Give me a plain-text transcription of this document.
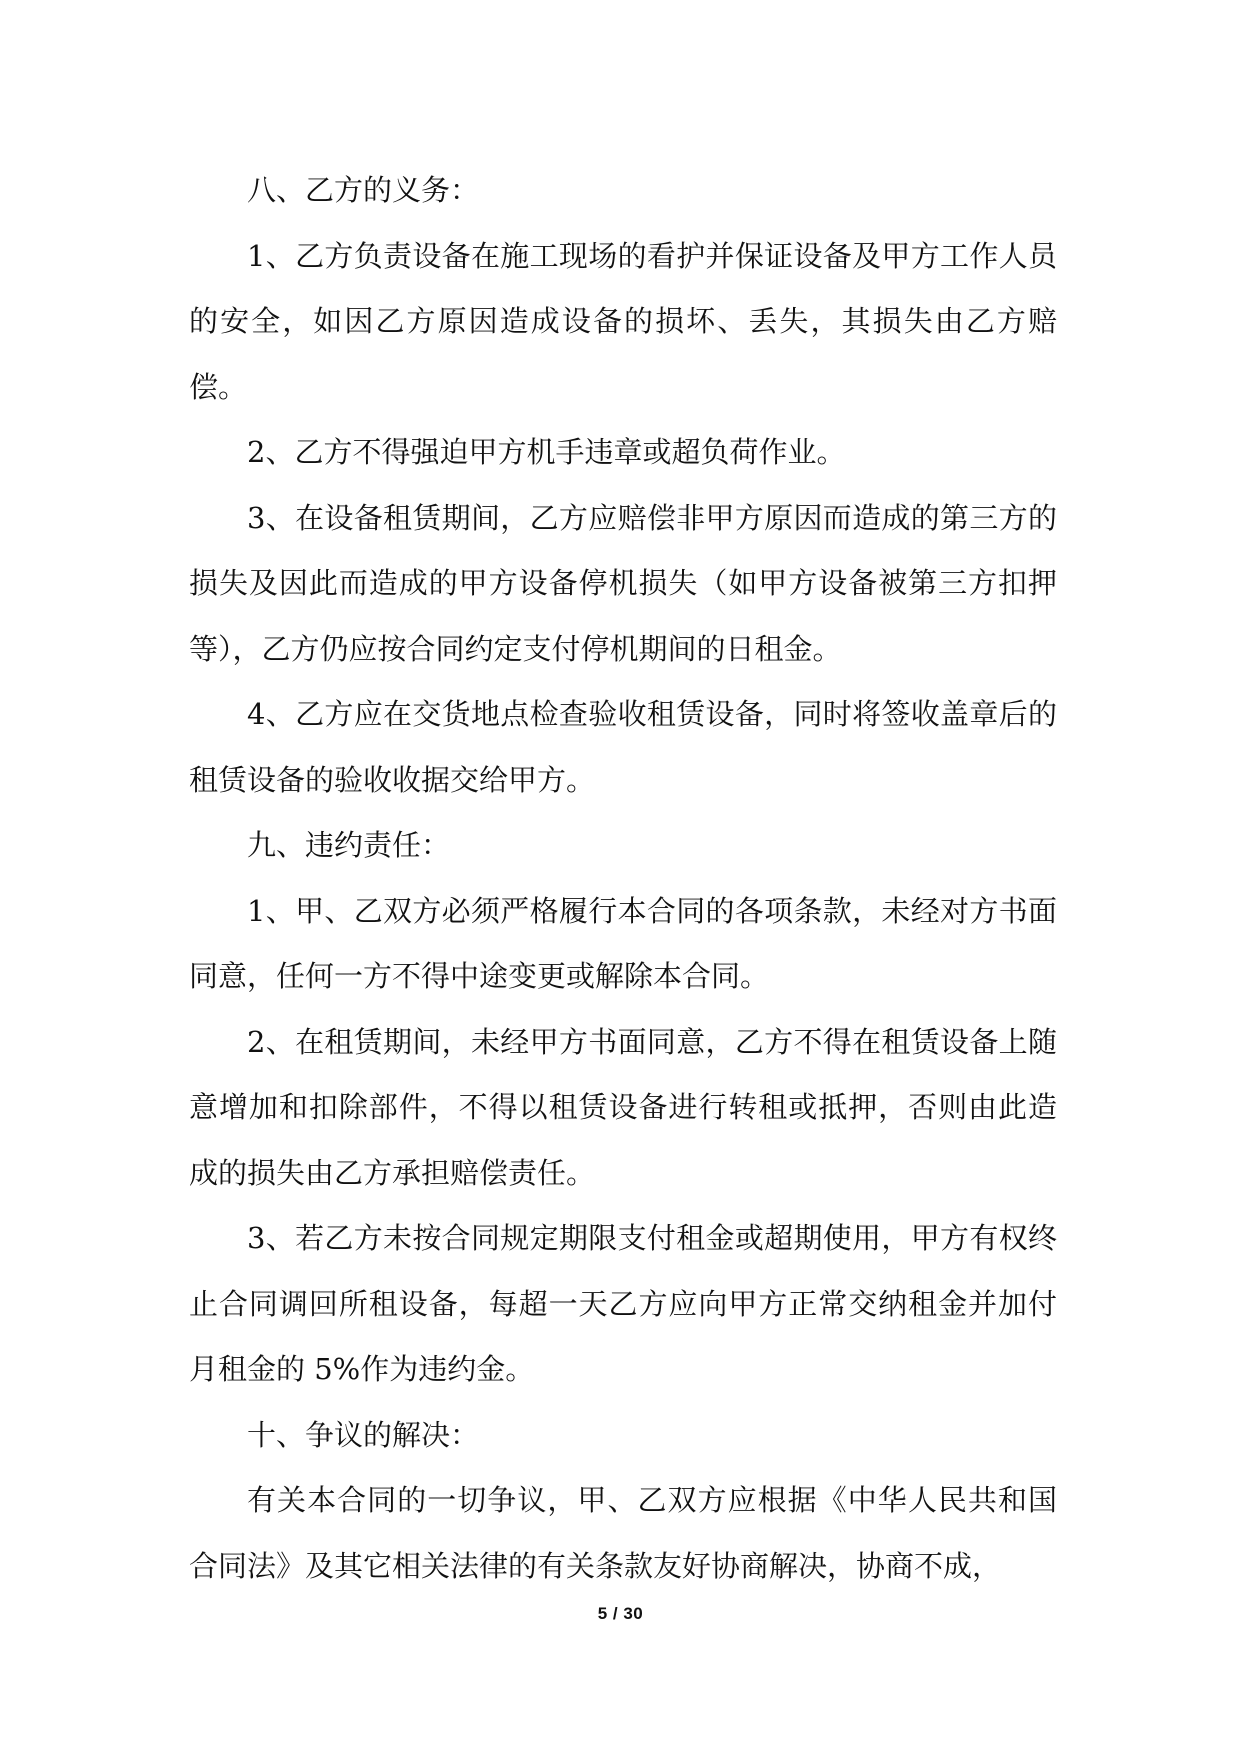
八、乙方的义务：

1、乙方负责设备在施工现场的看护并保证设备及甲方工作人员的安全，如因乙方原因造成设备的损坏、丢失，其损失由乙方赔偿。

2、乙方不得强迫甲方机手违章或超负荷作业。

3、在设备租赁期间，乙方应赔偿非甲方原因而造成的第三方的损失及因此而造成的甲方设备停机损失（如甲方设备被第三方扣押等），乙方仍应按合同约定支付停机期间的日租金。

4、乙方应在交货地点检查验收租赁设备，同时将签收盖章后的租赁设备的验收收据交给甲方。

九、违约责任：

1、甲、乙双方必须严格履行本合同的各项条款，未经对方书面同意，任何一方不得中途变更或解除本合同。

2、在租赁期间，未经甲方书面同意，乙方不得在租赁设备上随意增加和扣除部件，不得以租赁设备进行转租或抵押，否则由此造成的损失由乙方承担赔偿责任。

3、若乙方未按合同规定期限支付租金或超期使用，甲方有权终止合同调回所租设备，每超一天乙方应向甲方正常交纳租金并加付月租金的 5%作为违约金。

十、争议的解决：

有关本合同的一切争议，甲、乙双方应根据《中华人民共和国合同法》及其它相关法律的有关条款友好协商解决，协商不成，

5 / 30
